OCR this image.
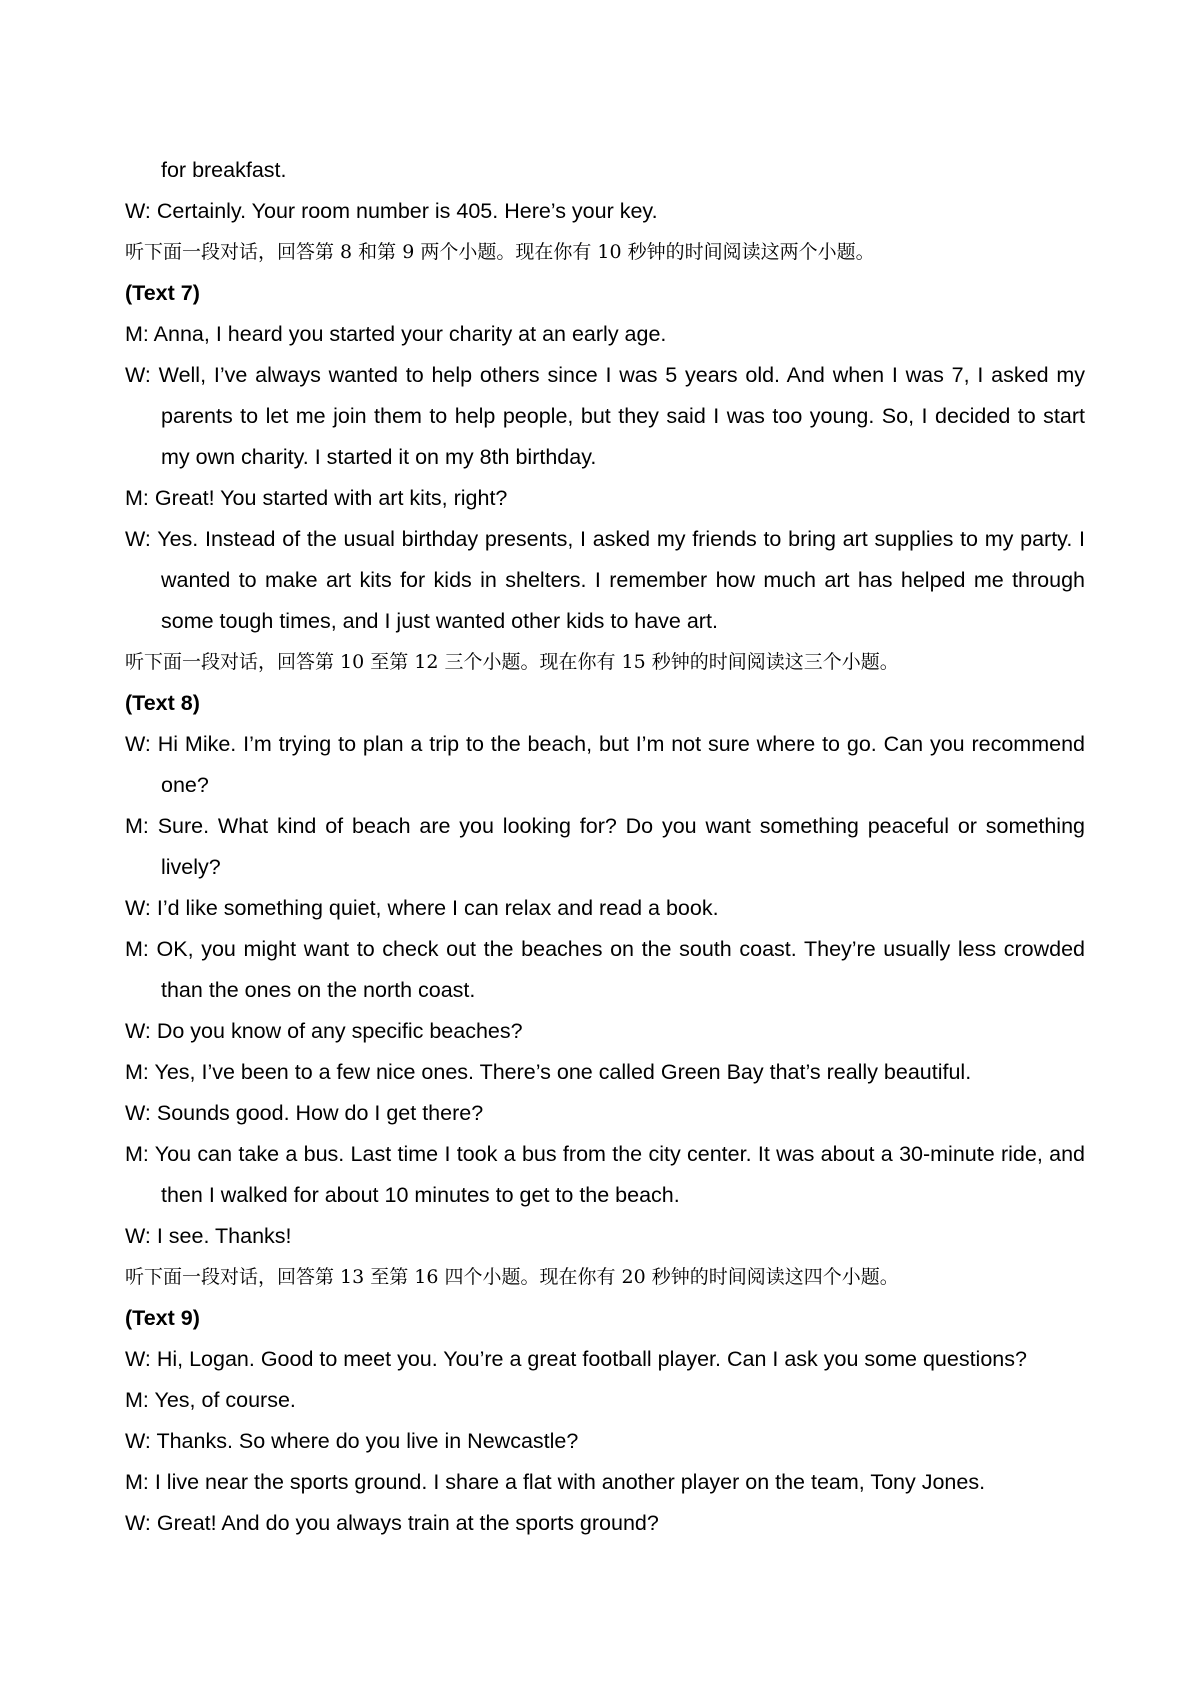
for breakfast.

W: Certainly. Your room number is 405. Here’s your key.

听下面一段对话，回答第 8 和第 9 两个小题。现在你有 10 秒钟的时间阅读这两个小题。

(Text 7)

M: Anna, I heard you started your charity at an early age.

W: Well, I’ve always wanted to help others since I was 5 years old. And when I was 7, I asked my parents to let me join them to help people, but they said I was too young. So, I decided to start my own charity. I started it on my 8th birthday.

M: Great! You started with art kits, right?

W: Yes. Instead of the usual birthday presents, I asked my friends to bring art supplies to my party. I wanted to make art kits for kids in shelters. I remember how much art has helped me through some tough times, and I just wanted other kids to have art.

听下面一段对话，回答第 10 至第 12 三个小题。现在你有 15 秒钟的时间阅读这三个小题。

(Text 8)

W: Hi Mike. I’m trying to plan a trip to the beach, but I’m not sure where to go. Can you recommend one?

M: Sure. What kind of beach are you looking for? Do you want something peaceful or something lively?

W: I’d like something quiet, where I can relax and read a book.

M: OK, you might want to check out the beaches on the south coast. They’re usually less crowded than the ones on the north coast.

W: Do you know of any specific beaches?

M: Yes, I’ve been to a few nice ones. There’s one called Green Bay that’s really beautiful.

W: Sounds good. How do I get there?

M: You can take a bus. Last time I took a bus from the city center. It was about a 30-minute ride, and then I walked for about 10 minutes to get to the beach.

W: I see. Thanks!

听下面一段对话，回答第 13 至第 16 四个小题。现在你有 20 秒钟的时间阅读这四个小题。

(Text 9)

W: Hi, Logan. Good to meet you. You’re a great football player. Can I ask you some questions?

M: Yes, of course.

W: Thanks. So where do you live in Newcastle?

M: I live near the sports ground. I share a flat with another player on the team, Tony Jones.

W: Great! And do you always train at the sports ground?
